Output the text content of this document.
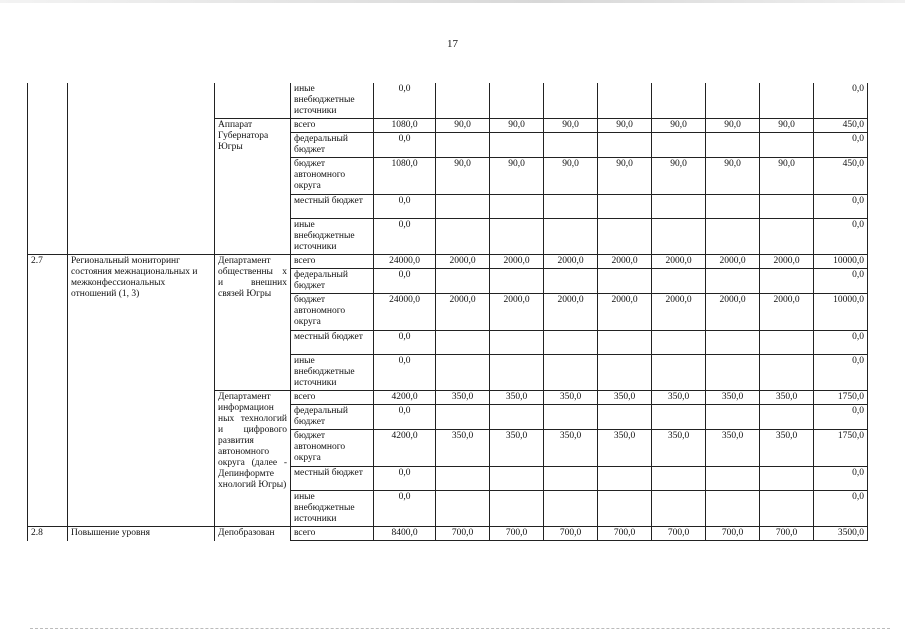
17
			иные внебюджетные источники	0,0								0,0
		Аппарат Губернатора Югры	всего	1080,0	90,0	90,0	90,0	90,0	90,0	90,0	90,0	450,0
			федеральный бюджет	0,0								0,0
			бюджет автономного округа	1080,0	90,0	90,0	90,0	90,0	90,0	90,0	90,0	450,0
			местный бюджет	0,0								0,0
			иные внебюджетные источники	0,0								0,0
2.7	Региональный мониторинг состояния межнациональных и межконфессиональных отношений (1, 3)	Департамент общественны х и внешних связей Югры	всего	24000,0	2000,0	2000,0	2000,0	2000,0	2000,0	2000,0	2000,0	10000,0
			федеральный бюджет	0,0								0,0
			бюджет автономного округа	24000,0	2000,0	2000,0	2000,0	2000,0	2000,0	2000,0	2000,0	10000,0
			местный бюджет	0,0								0,0
			иные внебюджетные источники	0,0								0,0
		Департамент информацион ных технологий и цифрового развития автономного округа (далее - Депинформте хнологий Югры)	всего	4200,0	350,0	350,0	350,0	350,0	350,0	350,0	350,0	1750,0
			федеральный бюджет	0,0								0,0
			бюджет автономного округа	4200,0	350,0	350,0	350,0	350,0	350,0	350,0	350,0	1750,0
			местный бюджет	0,0								0,0
			иные внебюджетные источники	0,0								0,0
2.8	Повышение уровня	Депобразован	всего	8400,0	700,0	700,0	700,0	700,0	700,0	700,0	700,0	3500,0
